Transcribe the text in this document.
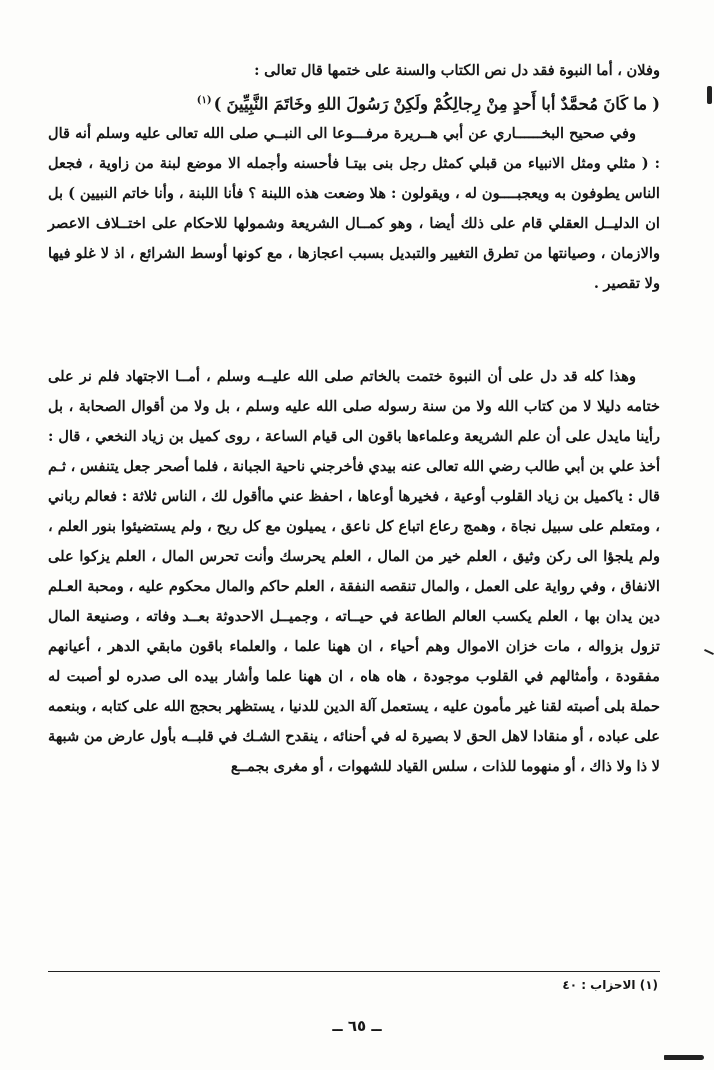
وفلان ، أما النبوة فقد دل نص الكتاب والسنة على ختمها قال تعالى :

( ما كَانَ مُحمَّدٌ أبا أَحدٍ مِنْ رِجالِكُمْ ولَكِنْ رَسُولَ اللهِ وخَاتَمَ النَّبِيِّينَ )$^{(١)}$

وفي صحيح البخــــــاري عن أبي هــريرة مرفـــوعا الى النبــي صلى الله تعالى عليه وسلم أنه قال : ( مثلي ومثل الانبياء من قبلي كمثل رجل بنى بيتـا فأحسنه وأجمله الا موضع لبنة من زاوية ، فجعل الناس يطوفون به ويعجبــــون له ، ويقولون : هلا وضعت هذه اللبنة ؟ فأنا اللبنة ، وأنا خاتم النبيين ) بل ان الدليــل العقلي قام على ذلك أيضا ، وهو كمــال الشريعة وشمولها للاحكام على اختــلاف الاعصر والازمان ، وصيانتها من تطرق التغيير والتبديل بسبب اعجازها ، مع كونها أوسط الشرائع ، اذ لا غلو فيها ولا تقصير .

وهذا كله قد دل على أن النبوة ختمت بالخاتم صلى الله عليــه وسلم ، أمــا الاجتهاد فلم نر على ختامه دليلا لا من كتاب الله ولا من سنة رسوله صلى الله عليه وسلم ، بل ولا من أقوال الصحابة ، بل رأينا مايدل على أن علم الشريعة وعلماءها باقون الى قيام الساعة ، روى كميل بن زياد النخعي ، قال : أخذ علي بن أبي طالب رضي الله تعالى عنه بيدي فأخرجني ناحية الجبانة ، فلما أصحر جعل يتنفس ، ثـم قال : ياكميل بن زياد القلوب أوعية ، فخيرها أوعاها ، احفظ عني ماأقول لك ، الناس ثلاثة : فعالم رباني ، ومتعلم على سبيل نجاة ، وهمج رعاع اتباع كل ناعق ، يميلون مع كل ريح ، ولم يستضيئوا بنور العلم ، ولم يلجؤا الى ركن وثيق ، العلم خير من المال ، العلم يحرسك وأنت تحرس المال ، العلم يزكوا على الانفاق ، وفي رواية على العمل ، والمال تنقصه النفقة ، العلم حاكم والمال محكوم عليه ، ومحبة العـلم دين يدان بها ، العلم يكسب العالم الطاعة في حيــاته ، وجميــل الاحدوثة بعــد وفاته ، وصنيعة المال تزول بزواله ، مات خزان الاموال وهم أحياء ، ان ههنا علما ، والعلماء باقون مابقي الدهر ، أعيانهم مفقودة ، وأمثالهم في القلوب موجودة ، هاه هاه ، ان ههنا علما وأشار بيده الى صدره لو أصبت له حملة بلى أصبته لقنا غير مأمون عليه ، يستعمل آلة الدين للدنيا ، يستظهر بحجج الله على كتابه ، وبنعمه على عباده ، أو منقادا لاهل الحق لا بصيرة له في أحنائه ، ينقدح الشـك في قلبــه بأول عارض من شبهة لا ذا ولا ذاك ، أو منهوما للذات ، سلس القياد للشهوات ، أو مغرى بجمــع

(١) الاحزاب : ٤٠
ــ ٦٥ ــ
